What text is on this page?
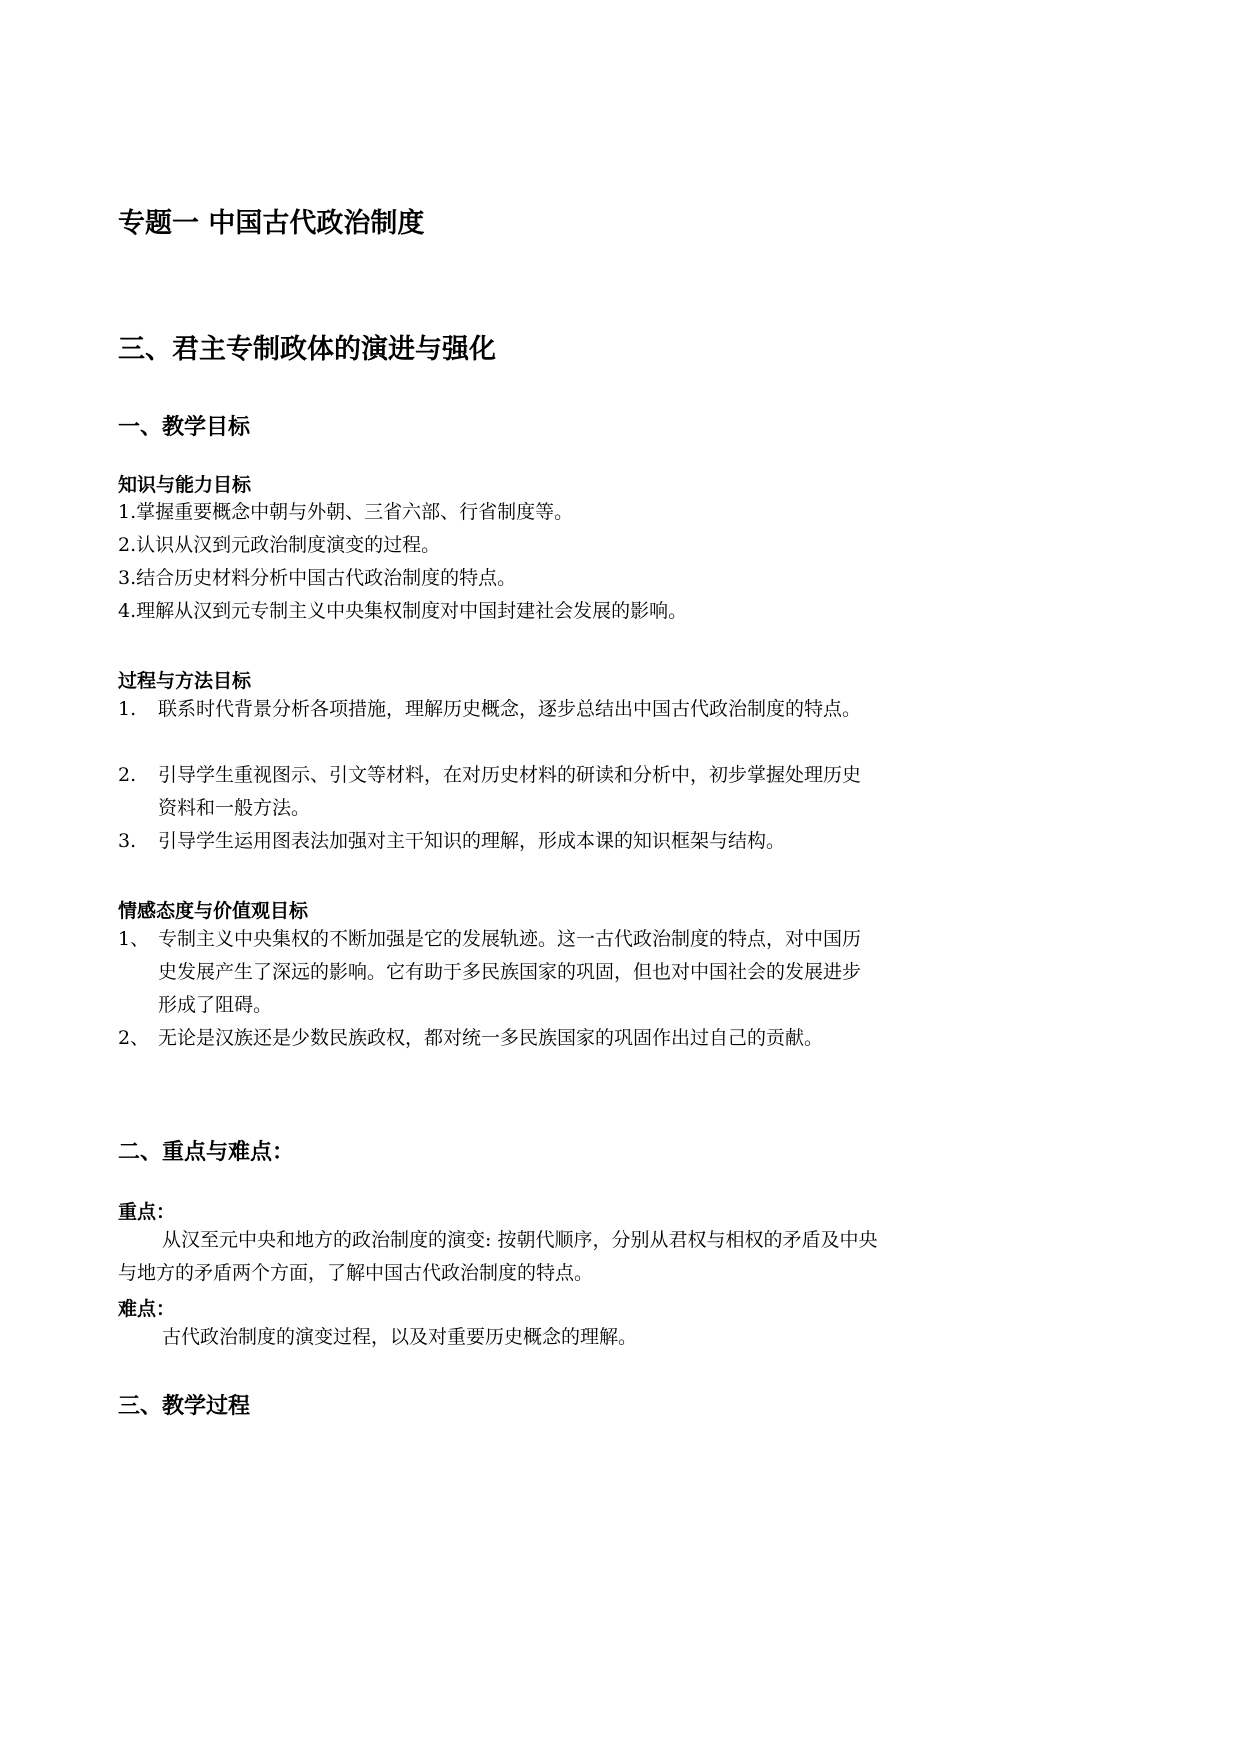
专题一 中国古代政治制度
三、君主专制政体的演进与强化
一、教学目标
知识与能力目标
1.掌握重要概念中朝与外朝、三省六部、行省制度等。
2.认识从汉到元政治制度演变的过程。
3.结合历史材料分析中国古代政治制度的特点。
4.理解从汉到元专制主义中央集权制度对中国封建社会发展的影响。
过程与方法目标
1.	联系时代背景分析各项措施，理解历史概念，逐步总结出中国古代政治制度的特点。
2.	引导学生重视图示、引文等材料，在对历史材料的研读和分析中，初步掌握处理历史资料和一般方法。
3.	引导学生运用图表法加强对主干知识的理解，形成本课的知识框架与结构。
情感态度与价值观目标
1、 专制主义中央集权的不断加强是它的发展轨迹。这一古代政治制度的特点，对中国历史发展产生了深远的影响。它有助于多民族国家的巩固，但也对中国社会的发展进步形成了阻碍。
2、 无论是汉族还是少数民族政权，都对统一多民族国家的巩固作出过自己的贡献。
二、重点与难点：
重点：

从汉至元中央和地方的政治制度的演变: 按朝代顺序，分别从君权与相权的矛盾及中央与地方的矛盾两个方面，了解中国古代政治制度的特点。

难点：

古代政治制度的演变过程，以及对重要历史概念的理解。

三、教学过程
